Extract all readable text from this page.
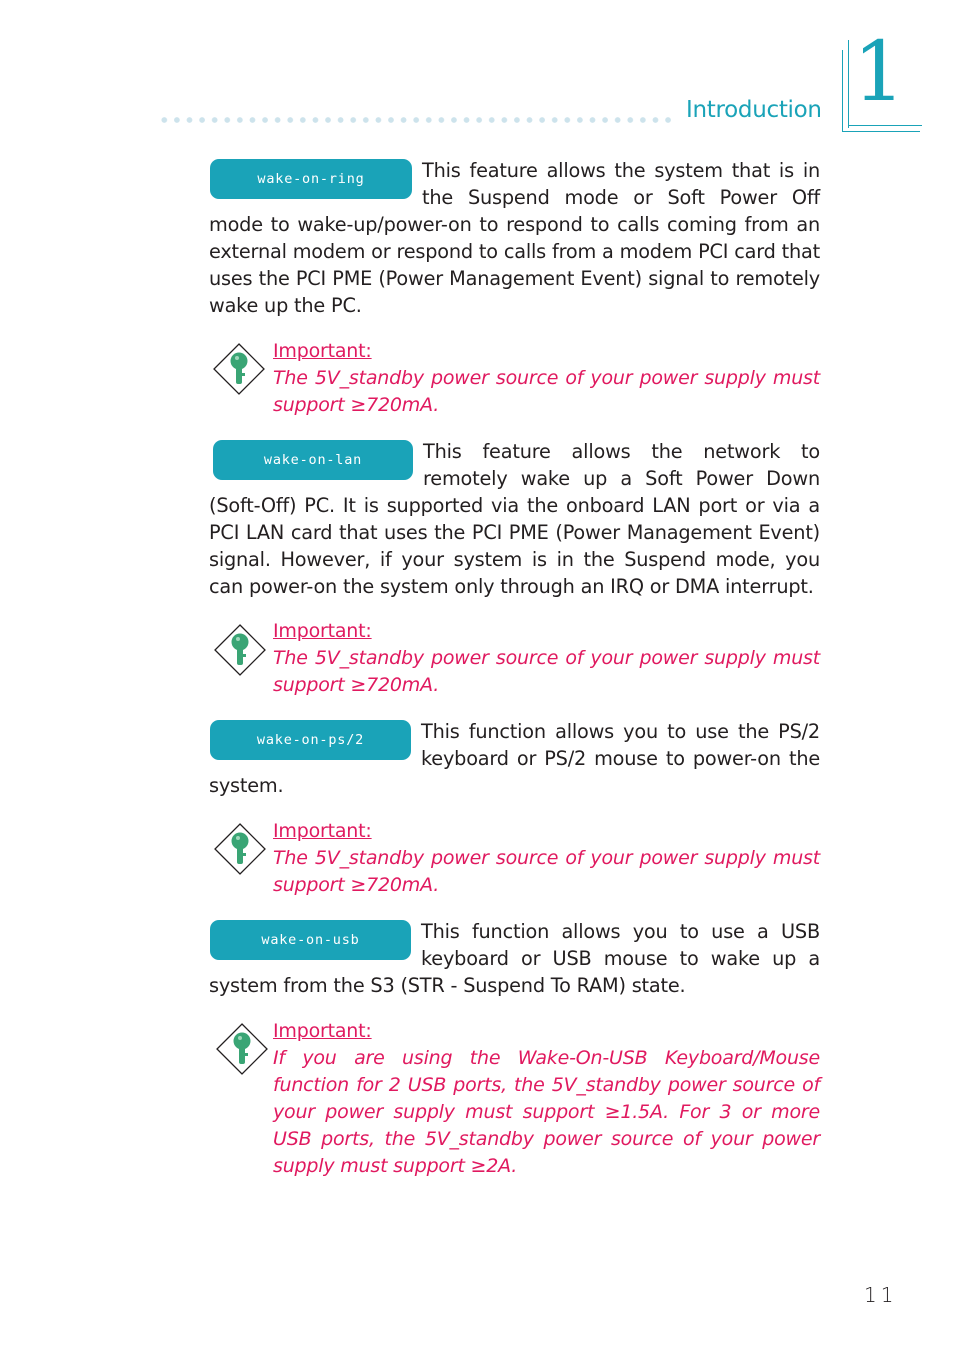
Introduction 1
wake-on-ring	This feature allows the system that is in the Suspend mode or Soft Power Off mode to wake-up/power-on to respond to calls coming from an external modem or respond to calls from a modem PCI card that uses the PCI PME (Power Management Event) signal to remotely wake up the PC.
Important:
The 5V_standby power source of your power supply must support ≥720mA.
wake-on-lan	This feature allows the network to remotely wake up a Soft Power Down (Soft-Off) PC. It is supported via the onboard LAN port or via a PCI LAN card that uses the PCI PME (Power Management Event) signal. However, if your system is in the Suspend mode, you can power-on the system only through an IRQ or DMA interrupt.
Important:
The 5V_standby power source of your power supply must support ≥720mA.
wake-on-ps/2	This function allows you to use the PS/2 keyboard or PS/2 mouse to power-on the system.
Important:
The 5V_standby power source of your power supply must support ≥720mA.
wake-on-usb	This function allows you to use a USB keyboard or USB mouse to wake up a system from the S3 (STR - Suspend To RAM) state.
Important:
If you are using the Wake-On-USB Keyboard/Mouse function for 2 USB ports, the 5V_standby power source of your power supply must support ≥1.5A. For 3 or more USB ports, the 5V_standby power source of your power supply must support ≥2A.
11
